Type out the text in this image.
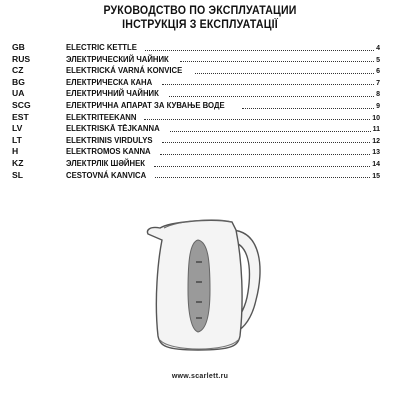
РУКОВОДСТВО ПО ЭКСПЛУАТАЦИИ
ІНСТРУКЦІЯ З ЕКСПЛУАТАЦІЇ
GB	ELECTRIC KETTLE	4
RUS	ЭЛЕКТРИЧЕСКИЙ ЧАЙНИК	5
CZ	ELEKTRICKÁ VARNÁ KONVICE	6
BG	ЕЛЕКТРИЧЕСКА КАНА	7
UA	ЕЛЕКТРИЧНИЙ ЧАЙНИК	8
SCG	ЕЛЕКТРИЧНА АПАРАТ ЗА КУВАЊЕ ВОДЕ	9
EST	ELEKTRITEEKANN	10
LV	ELEKTRISKĀ TĒJKANNA	11
LT	ELEKTRINIS VIRDULYS	12
H	ELEKTROMOS KANNA	13
KZ	ЭЛЕКТРЛІК ШӘЙНЕК	14
SL	CESTOVNÁ KANVICA	15
www.scarlett.ru
